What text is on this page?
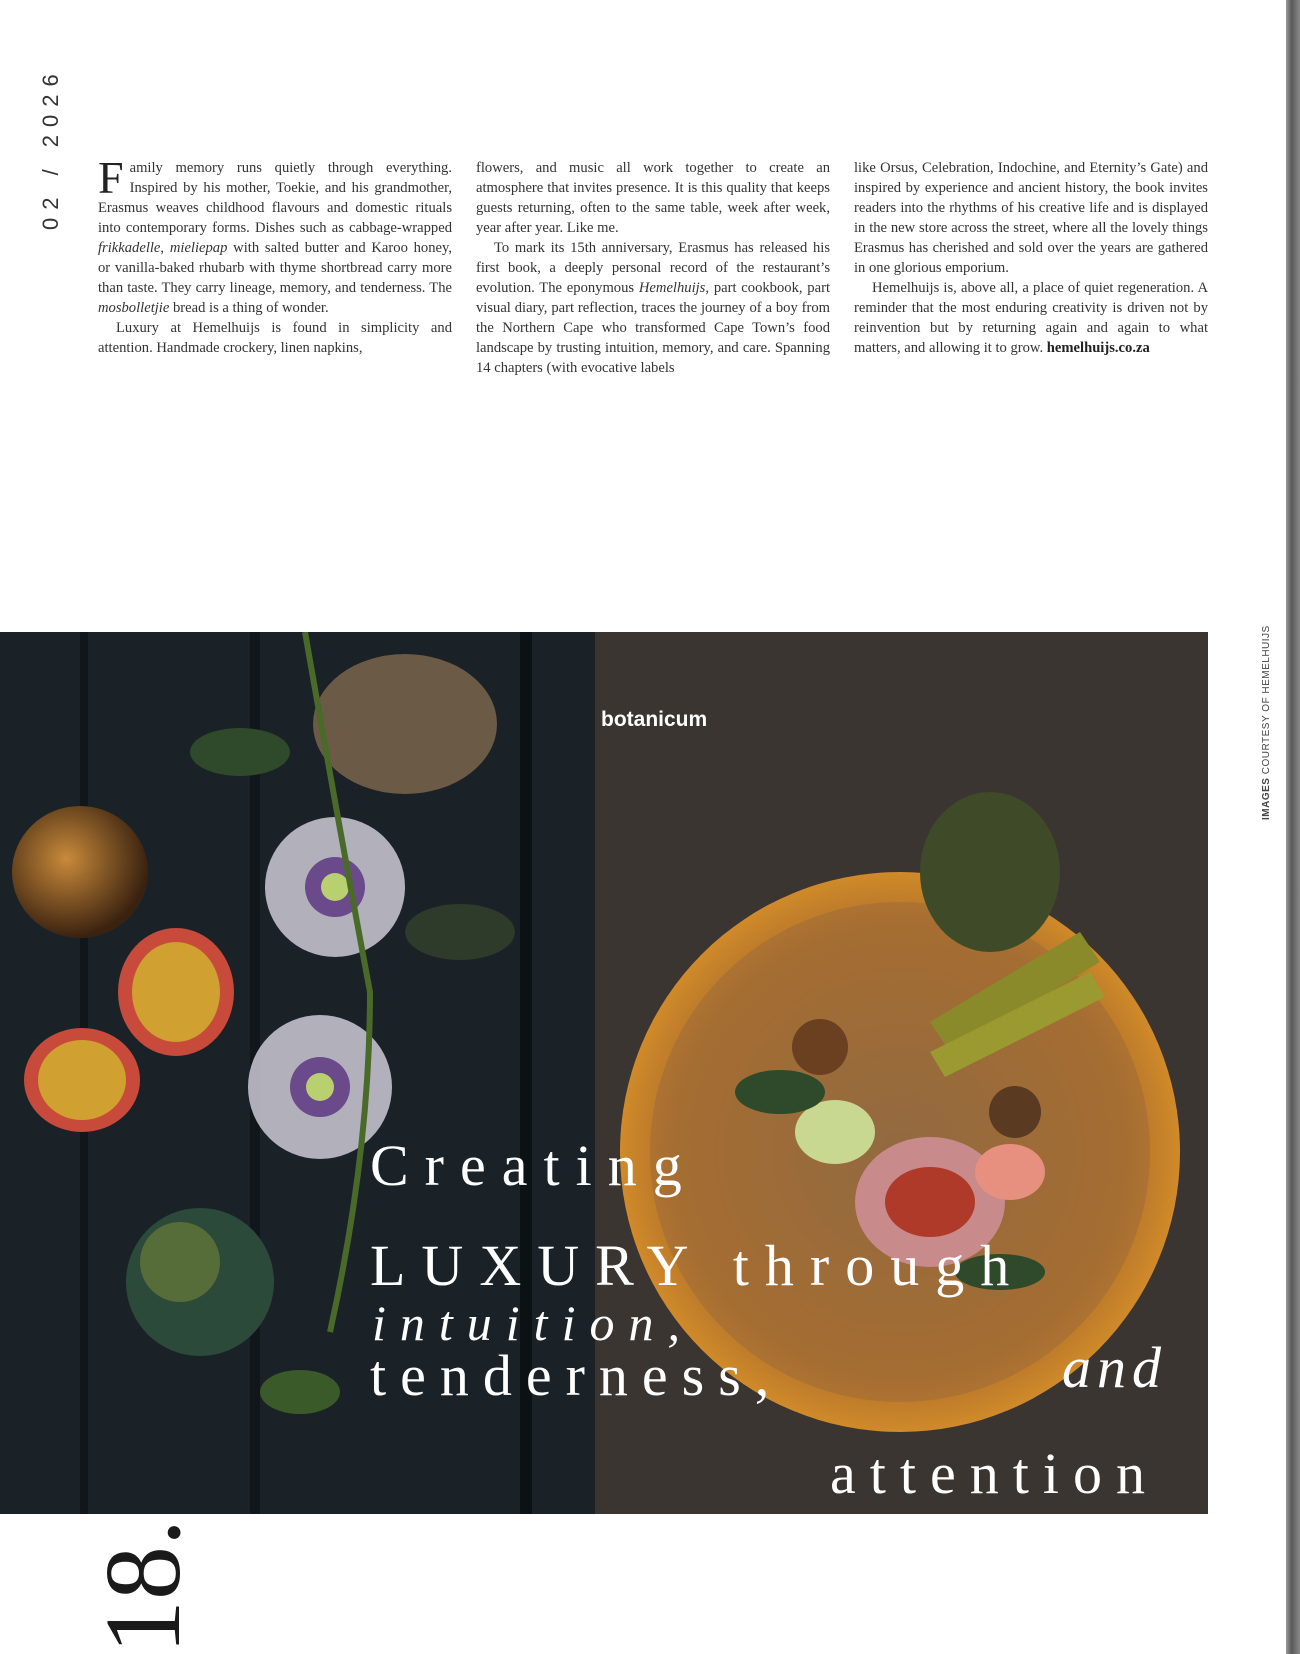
02 / 2026 Family memory runs quietly through everything. Inspired by his mother, Toekie, and his grandmother, Erasmus weaves childhood flavours and domestic rituals into contemporary forms. Dishes such as cabbage-wrapped frikkadelle, mieliepap with salted butter and Karoo honey, or vanilla-baked rhubarb with thyme shortbread carry more than taste. They carry lineage, memory, and tenderness. The mosbolletjie bread is a thing of wonder.

Luxury at Hemelhuijs is found in simplicity and attention. Handmade crockery, linen napkins,

flowers, and music all work together to create an atmosphere that invites presence. It is this quality that keeps guests returning, often to the same table, week after week, year after year. Like me.

To mark its 15th anniversary, Erasmus has released his first book, a deeply personal record of the restaurant’s evolution. The eponymous Hemelhuijs, part cookbook, part visual diary, part reflection, traces the journey of a boy from the Northern Cape who transformed Cape Town’s food landscape by trusting intuition, memory, and care. Spanning 14 chapters (with evocative labels

like Orsus, Celebration, Indochine, and Eternity’s Gate) and inspired by experience and ancient history, the book invites readers into the rhythms of his creative life and is displayed in the new store across the street, where all the lovely things Erasmus has cherished and sold over the years are gathered in one glorious emporium.

Hemelhuijs is, above all, a place of quiet regeneration. A reminder that the most enduring creativity is driven not by reinvention but by returning again and again to what matters, and allowing it to grow. hemelhuijs.co.za

botanicum
Creating
LUXURY through
intuition,
tenderness,	and
attention
IMAGES COURTESY OF HEMELHUIJS
18.
